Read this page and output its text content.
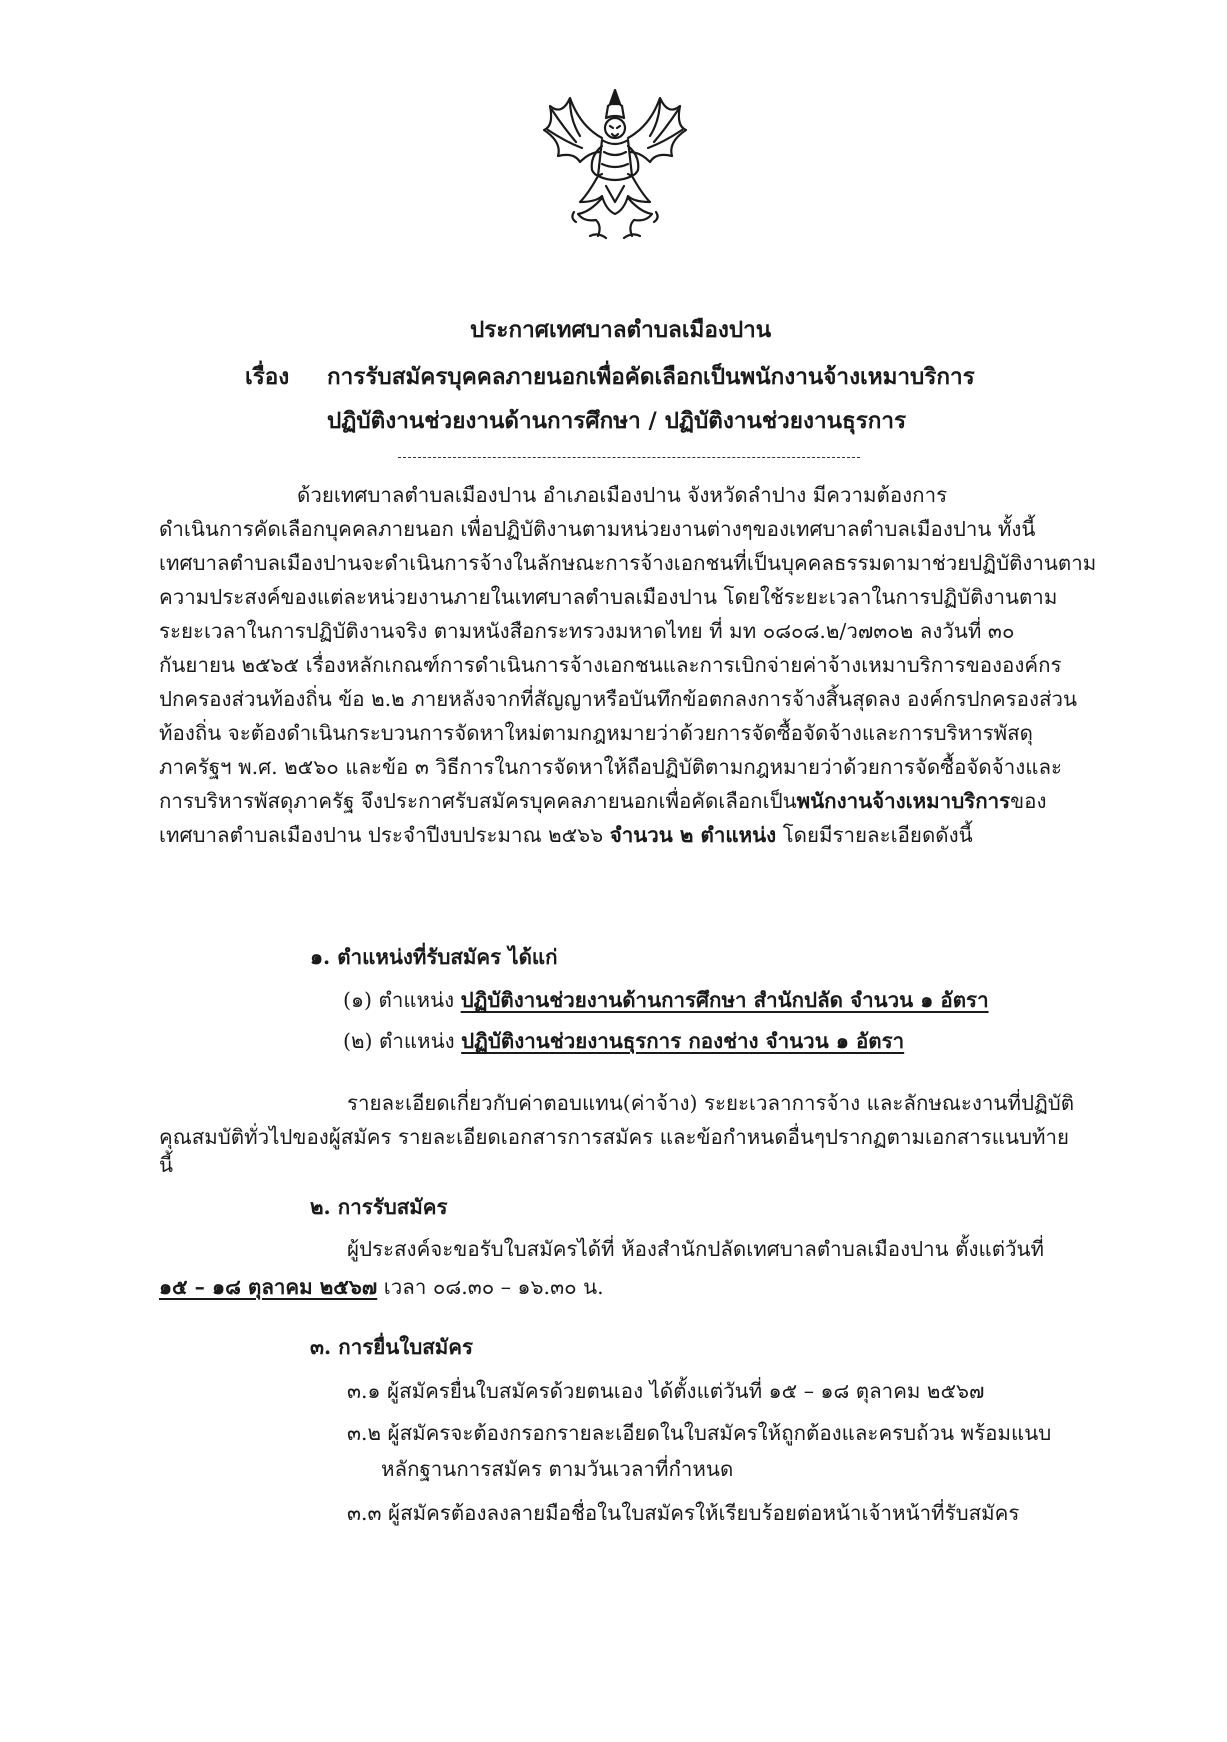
ประกาศเทศบาลตำบลเมืองปาน
เรื่อง การรับสมัครบุคคลภายนอกเพื่อคัดเลือกเป็นพนักงานจ้างเหมาบริการ
ปฏิบัติงานช่วยงานด้านการศึกษา / ปฏิบัติงานช่วยงานธุรการ

ด้วยเทศบาลตำบลเมืองปาน อำเภอเมืองปาน จังหวัดลำปาง มีความต้องการ

ดำเนินการคัดเลือกบุคคลภายนอก เพื่อปฏิบัติงานตามหน่วยงานต่างๆของเทศบาลตำบลเมืองปาน ทั้งนี้

เทศบาลตำบลเมืองปานจะดำเนินการจ้างในลักษณะการจ้างเอกชนที่เป็นบุคคลธรรมดามาช่วยปฏิบัติงานตาม

ความประสงค์ของแต่ละหน่วยงานภายในเทศบาลตำบลเมืองปาน โดยใช้ระยะเวลาในการปฏิบัติงานตาม

ระยะเวลาในการปฏิบัติงานจริง ตามหนังสือกระทรวงมหาดไทย ที่ มท ๐๘๐๘.๒/ว๗๓๐๒ ลงวันที่ ๓๐

กันยายน ๒๕๖๕ เรื่องหลักเกณฑ์การดำเนินการจ้างเอกชนและการเบิกจ่ายค่าจ้างเหมาบริการขององค์กร

ปกครองส่วนท้องถิ่น ข้อ ๒.๒ ภายหลังจากที่สัญญาหรือบันทึกข้อตกลงการจ้างสิ้นสุดลง องค์กรปกครองส่วน

ท้องถิ่น จะต้องดำเนินกระบวนการจัดหาใหม่ตามกฎหมายว่าด้วยการจัดซื้อจัดจ้างและการบริหารพัสดุ

ภาครัฐฯ พ.ศ. ๒๕๖๐ และข้อ ๓ วิธีการในการจัดหาให้ถือปฏิบัติตามกฎหมายว่าด้วยการจัดซื้อจัดจ้างและ

การบริหารพัสดุภาครัฐ จึงประกาศรับสมัครบุคคลภายนอกเพื่อคัดเลือกเป็นพนักงานจ้างเหมาบริการของ

เทศบาลตำบลเมืองปาน ประจำปีงบประมาณ ๒๕๖๖ จำนวน ๒ ตำแหน่ง โดยมีรายละเอียดดังนี้

๑. ตำแหน่งที่รับสมัคร ได้แก่
(๑) ตำแหน่ง ปฏิบัติงานช่วยงานด้านการศึกษา สำนักปลัด จำนวน ๑ อัตรา
(๒) ตำแหน่ง ปฏิบัติงานช่วยงานธุรการ กองช่าง จำนวน ๑ อัตรา

รายละเอียดเกี่ยวกับค่าตอบแทน(ค่าจ้าง) ระยะเวลาการจ้าง และลักษณะงานที่ปฏิบัติ

คุณสมบัติทั่วไปของผู้สมัคร รายละเอียดเอกสารการสมัคร และข้อกำหนดอื่นๆปรากฏตามเอกสารแนบท้าย

นี้

๒. การรับสมัคร
ผู้ประสงค์จะขอรับใบสมัครได้ที่ ห้องสำนักปลัดเทศบาลตำบลเมืองปาน ตั้งแต่วันที่
๑๕ – ๑๘ ตุลาคม ๒๕๖๗ เวลา ๐๘.๓๐ – ๑๖.๓๐ น.
๓. การยื่นใบสมัคร
๓.๑ ผู้สมัครยื่นใบสมัครด้วยตนเอง ได้ตั้งแต่วันที่ ๑๕ – ๑๘ ตุลาคม ๒๕๖๗
๓.๒ ผู้สมัครจะต้องกรอกรายละเอียดในใบสมัครให้ถูกต้องและครบถ้วน พร้อมแนบ
หลักฐานการสมัคร ตามวันเวลาที่กำหนด
๓.๓ ผู้สมัครต้องลงลายมือชื่อในใบสมัครให้เรียบร้อยต่อหน้าเจ้าหน้าที่รับสมัคร
